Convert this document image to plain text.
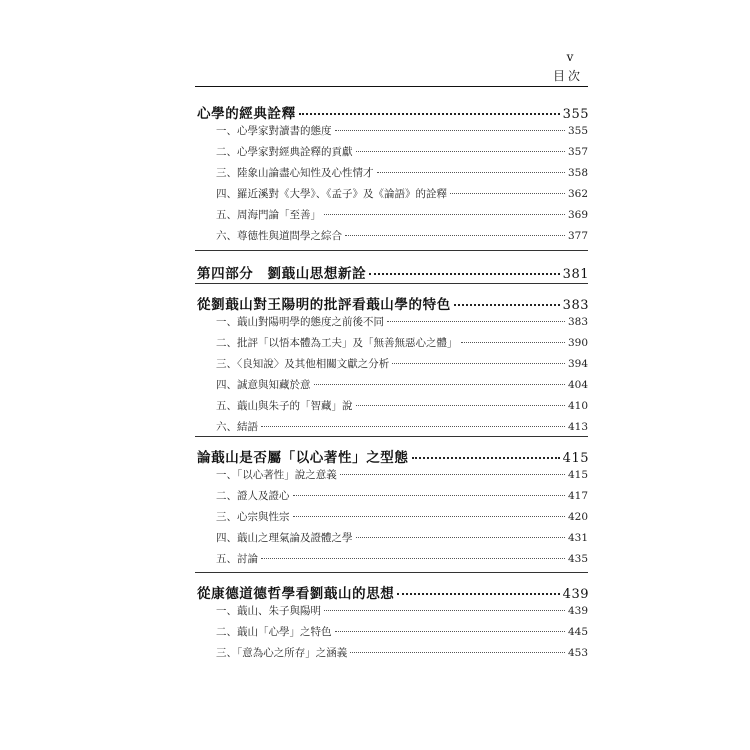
v
目次
心學的經典詮釋	355
一、心學家對讀書的態度	355
二、心學家對經典詮釋的貢獻	357
三、陸象山論盡心知性及心性情才	358
四、羅近溪對《大學》、《孟子》及《論語》的詮釋	362
五、周海門論「至善」	369
六、尊德性與道問學之綜合	377
第四部分　劉蕺山思想新詮	381
從劉蕺山對王陽明的批評看蕺山學的特色	383
一、蕺山對陽明學的態度之前後不同	383
二、批評「以悟本體為工夫」及「無善無惡心之體」	390
三、〈良知說〉及其他相關文獻之分析	394
四、誠意與知藏於意	404
五、蕺山與朱子的「智藏」說	410
六、結語	413
論蕺山是否屬「以心著性」之型態	415
一、「以心著性」說之意義	415
二、證人及證心	417
三、心宗與性宗	420
四、蕺山之理氣論及證體之學	431
五、討論	435
從康德道德哲學看劉蕺山的思想	439
一、蕺山、朱子與陽明	439
二、蕺山「心學」之特色	445
三、「意為心之所存」之涵義	453
